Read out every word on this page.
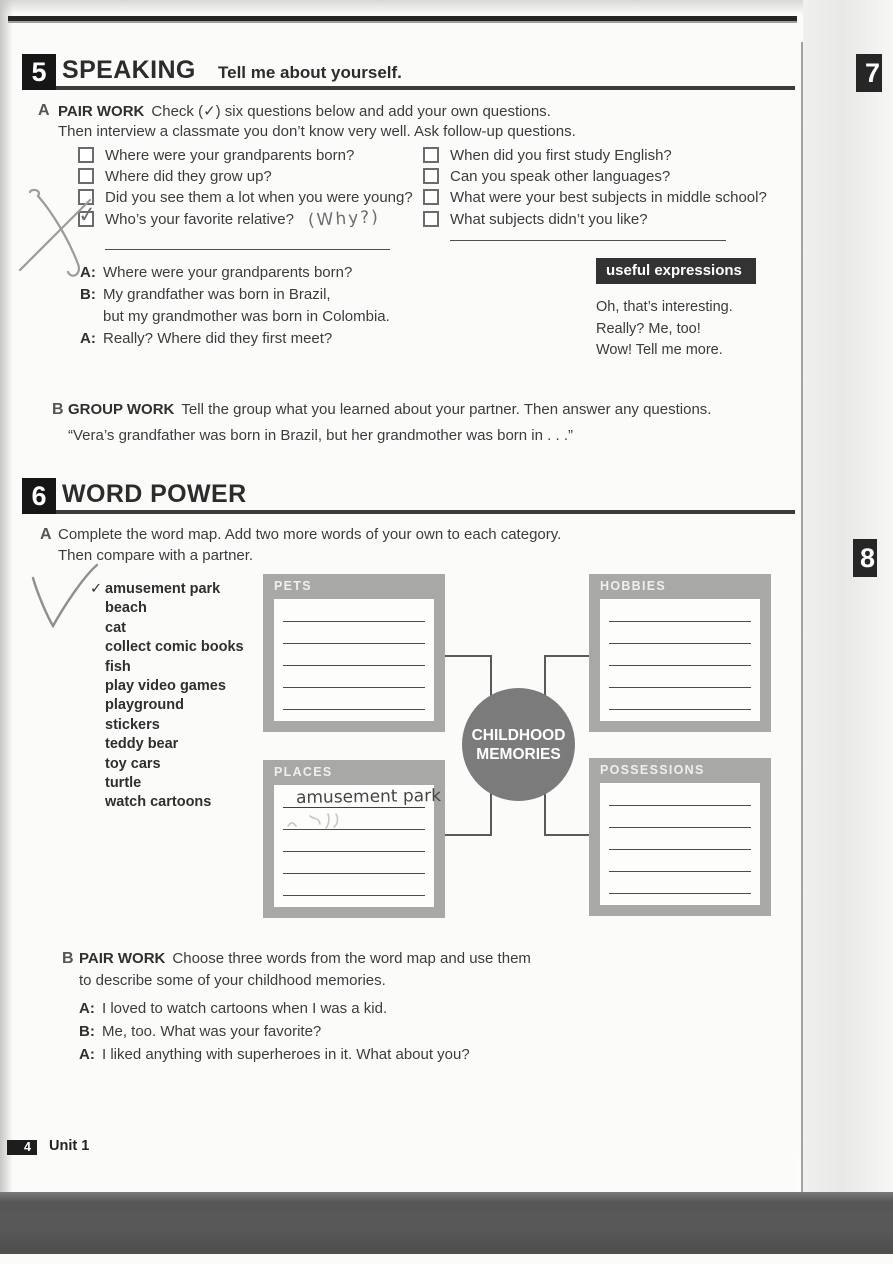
5 SPEAKING Tell me about yourself.
A PAIR WORK Check (✓) six questions below and add your own questions.
Then interview a classmate you don’t know very well. Ask follow-up questions.
Where were your grandparents born?
Where did they grow up?
Did you see them a lot when you were young?
✓ Who’s your favorite relative? (Why?)
When did you first study English?
Can you speak other languages?
What were your best subjects in middle school?
What subjects didn’t you like?
A: Where were your grandparents born?
B: My grandfather was born in Brazil,
but my grandmother was born in Colombia.
A: Really? Where did they first meet?
useful expressions
Oh, that’s interesting.
Really? Me, too!
Wow! Tell me more.
B GROUP WORK Tell the group what you learned about your partner. Then answer any questions.
“Vera’s grandfather was born in Brazil, but her grandmother was born in . . .”
6 WORD POWER
A Complete the word map. Add two more words of your own to each category.
Then compare with a partner.
✓ amusement park
beach
cat
collect comic books
fish
play video games
playground
stickers
teddy bear
toy cars
turtle
watch cartoons
PETS	HOBBIES
PLACES
amusement park
POSSESSIONS
CHILDHOOD
MEMORIES
B PAIR WORK Choose three words from the word map and use them
to describe some of your childhood memories.
A: I loved to watch cartoons when I was a kid.
B: Me, too. What was your favorite?
A: I liked anything with superheroes in it. What about you?
4	Unit 1
7
8
